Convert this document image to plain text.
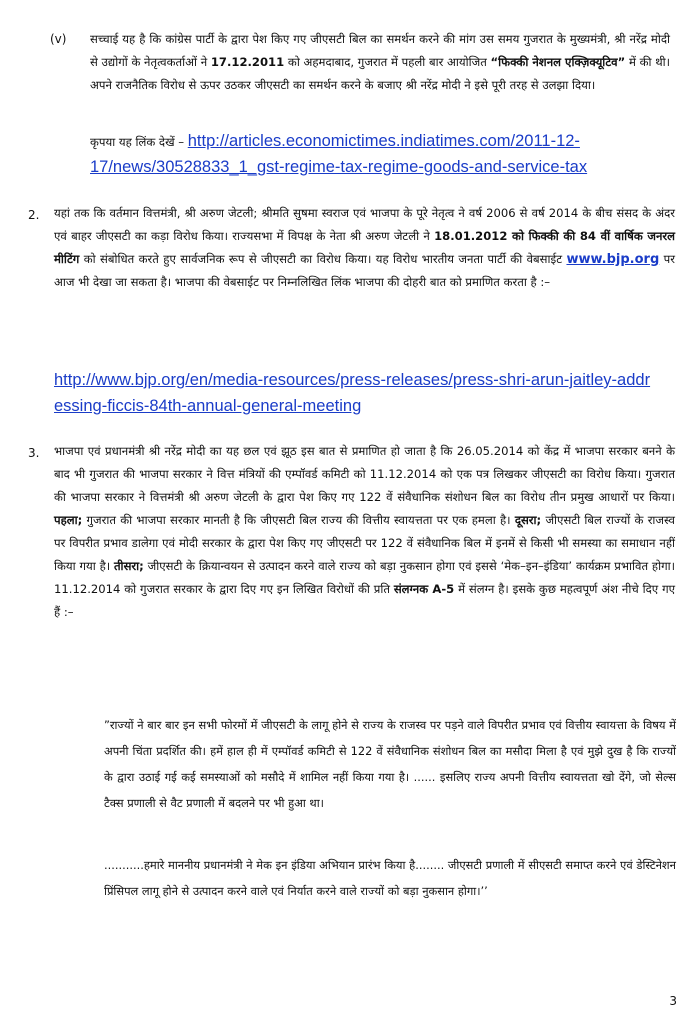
(v) सच्चाई यह है कि कांग्रेस पार्टी के द्वारा पेश किए गए जीएसटी बिल का समर्थन करने की मांग उस समय गुजरात के मुख्यमंत्री, श्री नरेंद्र मोदी से उद्योगों के नेतृत्वकर्ताओं ने 17.12.2011 को अहमदाबाद, गुजरात में पहली बार आयोजित “फिक्की नेशनल एक्ज़िक्यूटिव” में की थी। अपने राजनैतिक विरोध से ऊपर उठकर जीएसटी का समर्थन करने के बजाए श्री नरेंद्र मोदी ने इसे पूरी तरह से उलझा दिया।
कृपया यह लिंक देखें – http://articles.economictimes.indiatimes.com/2011-12-17/news/30528833_1_gst-regime-tax-regime-goods-and-service-tax
2. यहां तक कि वर्तमान वित्तमंत्री, श्री अरुण जेटली; श्रीमति सुषमा स्वराज एवं भाजपा के पूरे नेतृत्व ने वर्ष 2006 से वर्ष 2014 के बीच संसद के अंदर एवं बाहर जीएसटी का कड़ा विरोध किया। राज्यसभा में विपक्ष के नेता श्री अरुण जेटली ने 18.01.2012 को फिक्की की 84 वीं वार्षिक जनरल मीटिंग को संबोधित करते हुए सार्वजनिक रूप से जीएसटी का विरोध किया। यह विरोध भारतीय जनता पार्टी की वेबसाईट www.bjp.org पर आज भी देखा जा सकता है। भाजपा की वेबसाईट पर निम्नलिखित लिंक भाजपा की दोहरी बात को प्रमाणित करता है :–
http://www.bjp.org/en/media-resources/press-releases/press-shri-arun-jaitley-addressing-ficcis-84th-annual-general-meeting
3. भाजपा एवं प्रधानमंत्री श्री नरेंद्र मोदी का यह छल एवं झूठ इस बात से प्रमाणित हो जाता है कि 26.05.2014 को केंद्र में भाजपा सरकार बनने के बाद भी गुजरात की भाजपा सरकार ने वित्त मंत्रियों की एम्पॉवर्ड कमिटी को 11.12.2014 को एक पत्र लिखकर जीएसटी का विरोध किया। गुजरात की भाजपा सरकार ने वित्तमंत्री श्री अरुण जेटली के द्वारा पेश किए गए 122 वें संवैधानिक संशोधन बिल का विरोध तीन प्रमुख आधारों पर किया। पहला; गुजरात की भाजपा सरकार मानती है कि जीएसटी बिल राज्य की वित्तीय स्वायत्तता पर एक हमला है। दूसरा; जीएसटी बिल राज्यों के राजस्व पर विपरीत प्रभाव डालेगा एवं मोदी सरकार के द्वारा पेश किए गए जीएसटी पर 122 वें संवैधानिक बिल में इनमें से किसी भी समस्या का समाधान नहीं किया गया है। तीसरा; जीएसटी के क्रियान्वयन से उत्पादन करने वाले राज्य को बड़ा नुकसान होगा एवं इससे ‘मेक–इन–इंडिया’ कार्यक्रम प्रभावित होगा। 11.12.2014 को गुजरात सरकार के द्वारा दिए गए इन लिखित विरोधों की प्रति संलग्नक A-5 में संलग्न है। इसके कुछ महत्वपूर्ण अंश नीचे दिए गए हैं :–
”राज्यों ने बार बार इन सभी फोरमों में जीएसटी के लागू होने से राज्य के राजस्व पर पड़ने वाले विपरीत प्रभाव एवं वित्तीय स्वायत्ता के विषय में अपनी चिंता प्रदर्शित की। हमें हाल ही में एम्पॉवर्ड कमिटी से 122 वें संवैधानिक संशोधन बिल का मसौदा मिला है एवं मुझे दुख है कि राज्यों के द्वारा उठाई गई कई समस्याओं को मसौदे में शामिल नहीं किया गया है। ...... इसलिए राज्य अपनी वित्तीय स्वायत्तता खो देंगे, जो सेल्स टैक्स प्रणाली से वैट प्रणाली में बदलने पर भी हुआ था।
...........हमारे माननीय प्रधानमंत्री ने मेक इन इंडिया अभियान प्रारंभ किया है........ जीएसटी प्रणाली में सीएसटी समाप्त करने एवं डेस्टिनेशन प्रिंसिपल लागू होने से उत्पादन करने वाले एवं निर्यात करने वाले राज्यों को बड़ा नुकसान होगा।’’
3
